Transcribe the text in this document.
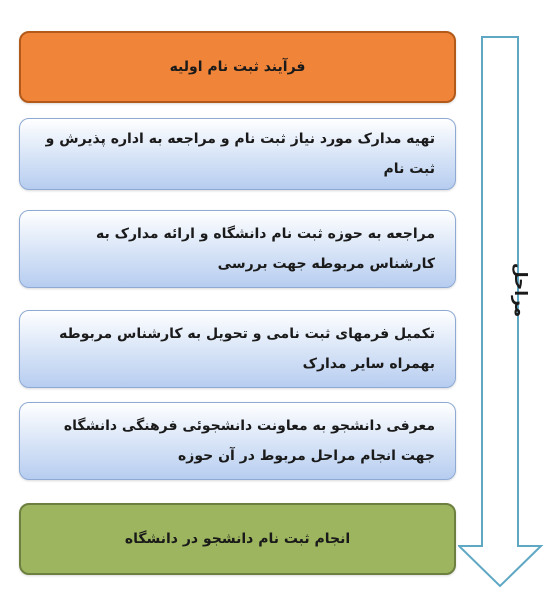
فرآیند ثبت نام اولیه
تهیه مدارک مورد نیاز ثبت نام و مراجعه به اداره پذیرش و ثبت نام
مراجعه به حوزه ثبت نام دانشگاه و ارائه مدارک به کارشناس مربوطه جهت بررسی
تکمیل فرمهای ثبت نامی و تحویل به کارشناس مربوطه بهمراه سایر مدارک
معرفی دانشجو به معاونت دانشجوئی فرهنگی دانشگاه جهت انجام مراحل مربوط در آن حوزه
انجام ثبت نام دانشجو در دانشگاه
مراحل
